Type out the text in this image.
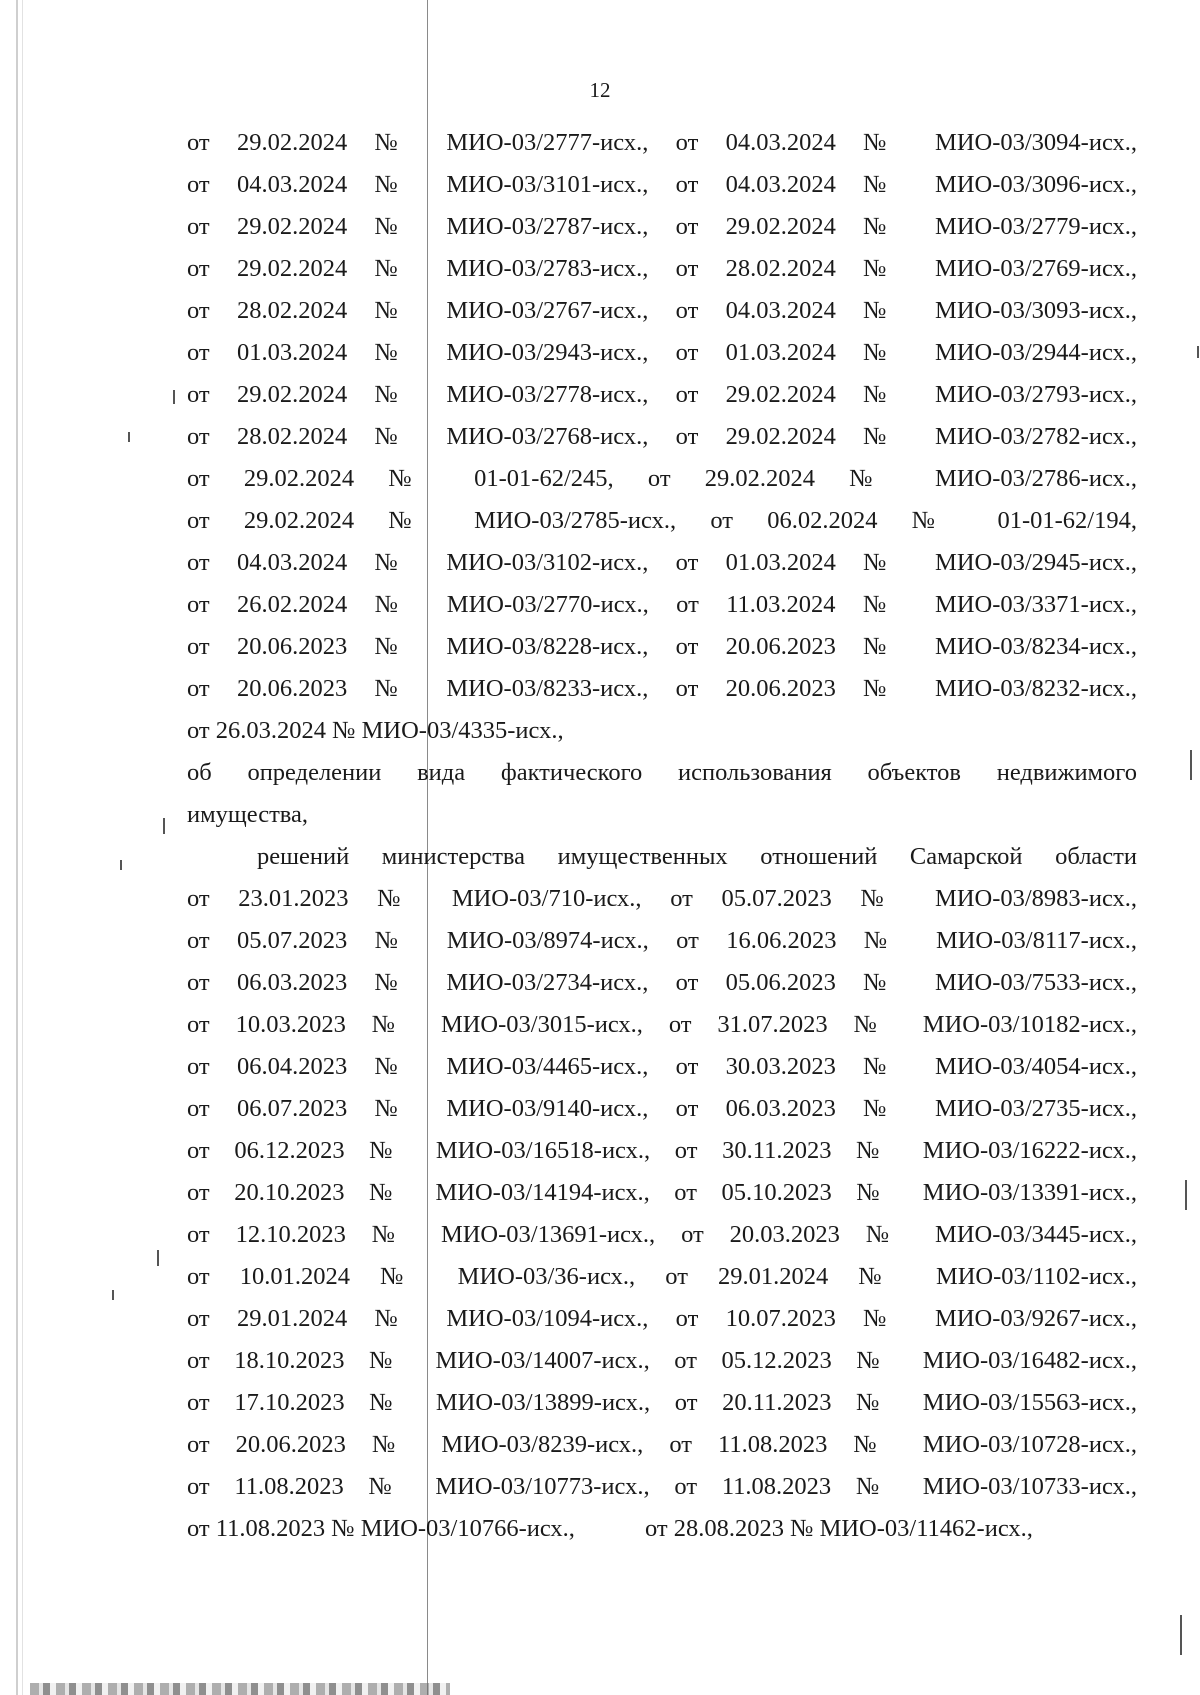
12
от 29.02.2024 № МИО-03/2777-исх., от 04.03.2024 № МИО-03/3094-исх.,
от 04.03.2024 № МИО-03/3101-исх., от 04.03.2024 № МИО-03/3096-исх.,
от 29.02.2024 № МИО-03/2787-исх., от 29.02.2024 № МИО-03/2779-исх.,
от 29.02.2024 № МИО-03/2783-исх., от 28.02.2024 № МИО-03/2769-исх.,
от 28.02.2024 № МИО-03/2767-исх., от 04.03.2024 № МИО-03/3093-исх.,
от 01.03.2024 № МИО-03/2943-исх., от 01.03.2024 № МИО-03/2944-исх.,
от 29.02.2024 № МИО-03/2778-исх., от 29.02.2024 № МИО-03/2793-исх.,
от 28.02.2024 № МИО-03/2768-исх., от 29.02.2024 № МИО-03/2782-исх.,
от 29.02.2024 № 01-01-62/245, от 29.02.2024 № МИО-03/2786-исх.,
от 29.02.2024 № МИО-03/2785-исх., от 06.02.2024 № 01-01-62/194,
от 04.03.2024 № МИО-03/3102-исх., от 01.03.2024 № МИО-03/2945-исх.,
от 26.02.2024 № МИО-03/2770-исх., от 11.03.2024 № МИО-03/3371-исх.,
от 20.06.2023 № МИО-03/8228-исх., от 20.06.2023 № МИО-03/8234-исх.,
от 20.06.2023 № МИО-03/8233-исх., от 20.06.2023 № МИО-03/8232-исх.,
от 26.03.2024 № МИО-03/4335-исх.,
об определении вида фактического использования объектов недвижимого
имущества,
решений министерства имущественных отношений Самарской области
от 23.01.2023 № МИО-03/710-исх., от 05.07.2023 № МИО-03/8983-исх.,
от 05.07.2023 № МИО-03/8974-исх., от 16.06.2023 № МИО-03/8117-исх.,
от 06.03.2023 № МИО-03/2734-исх., от 05.06.2023 № МИО-03/7533-исх.,
от 10.03.2023 № МИО-03/3015-исх., от 31.07.2023 № МИО-03/10182-исх.,
от 06.04.2023 № МИО-03/4465-исх., от 30.03.2023 № МИО-03/4054-исх.,
от 06.07.2023 № МИО-03/9140-исх., от 06.03.2023 № МИО-03/2735-исх.,
от 06.12.2023 № МИО-03/16518-исх., от 30.11.2023 № МИО-03/16222-исх.,
от 20.10.2023 № МИО-03/14194-исх., от 05.10.2023 № МИО-03/13391-исх.,
от 12.10.2023 № МИО-03/13691-исх., от 20.03.2023 № МИО-03/3445-исх.,
от 10.01.2024 № МИО-03/36-исх., от 29.01.2024 № МИО-03/1102-исх.,
от 29.01.2024 № МИО-03/1094-исх., от 10.07.2023 № МИО-03/9267-исх.,
от 18.10.2023 № МИО-03/14007-исх., от 05.12.2023 № МИО-03/16482-исх.,
от 17.10.2023 № МИО-03/13899-исх., от 20.11.2023 № МИО-03/15563-исх.,
от 20.06.2023 № МИО-03/8239-исх., от 11.08.2023 № МИО-03/10728-исх.,
от 11.08.2023 № МИО-03/10773-исх., от 11.08.2023 № МИО-03/10733-исх.,
от 11.08.2023 № МИО-03/10766-исх.,	от 28.08.2023 № МИО-03/11462-исх.,
